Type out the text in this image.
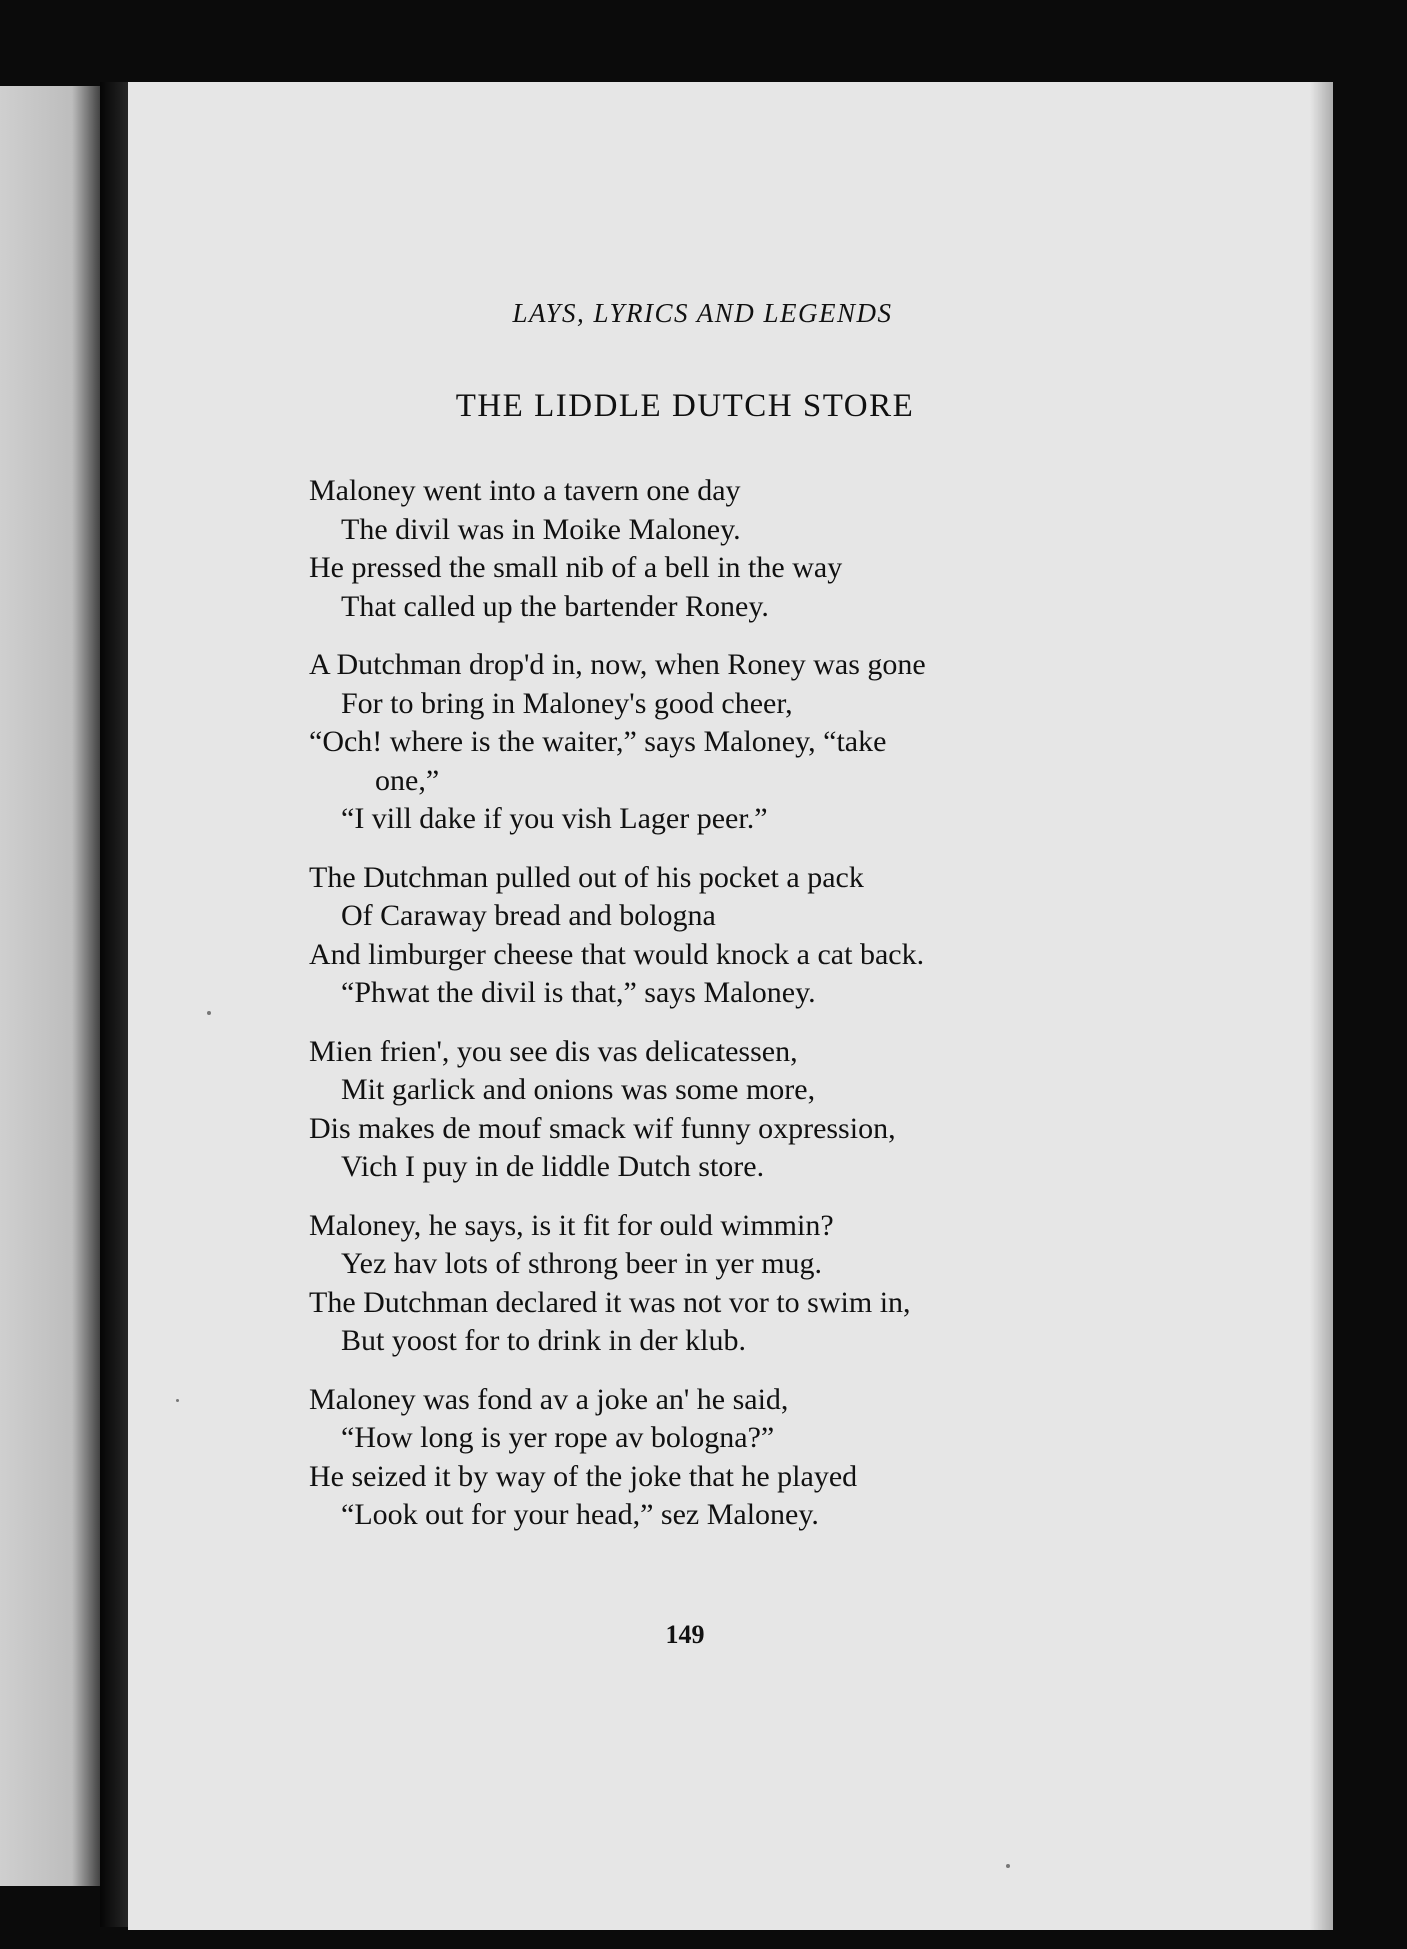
LAYS, LYRICS AND LEGENDS
THE LIDDLE DUTCH STORE
Maloney went into a tavern one day
The divil was in Moike Maloney.
He pressed the small nib of a bell in the way
That called up the bartender Roney.
A Dutchman drop'd in, now, when Roney was gone
For to bring in Maloney's good cheer,
“Och! where is the waiter,” says Maloney, “take
one,”
“I vill dake if you vish Lager peer.”
The Dutchman pulled out of his pocket a pack
Of Caraway bread and bologna
And limburger cheese that would knock a cat back.
“Phwat the divil is that,” says Maloney.
Mien frien', you see dis vas delicatessen,
Mit garlick and onions was some more,
Dis makes de mouf smack wif funny oxpression,
Vich I puy in de liddle Dutch store.
Maloney, he says, is it fit for ould wimmin?
Yez hav lots of sthrong beer in yer mug.
The Dutchman declared it was not vor to swim in,
But yoost for to drink in der klub.
Maloney was fond av a joke an' he said,
“How long is yer rope av bologna?”
He seized it by way of the joke that he played
“Look out for your head,” sez Maloney.
149
